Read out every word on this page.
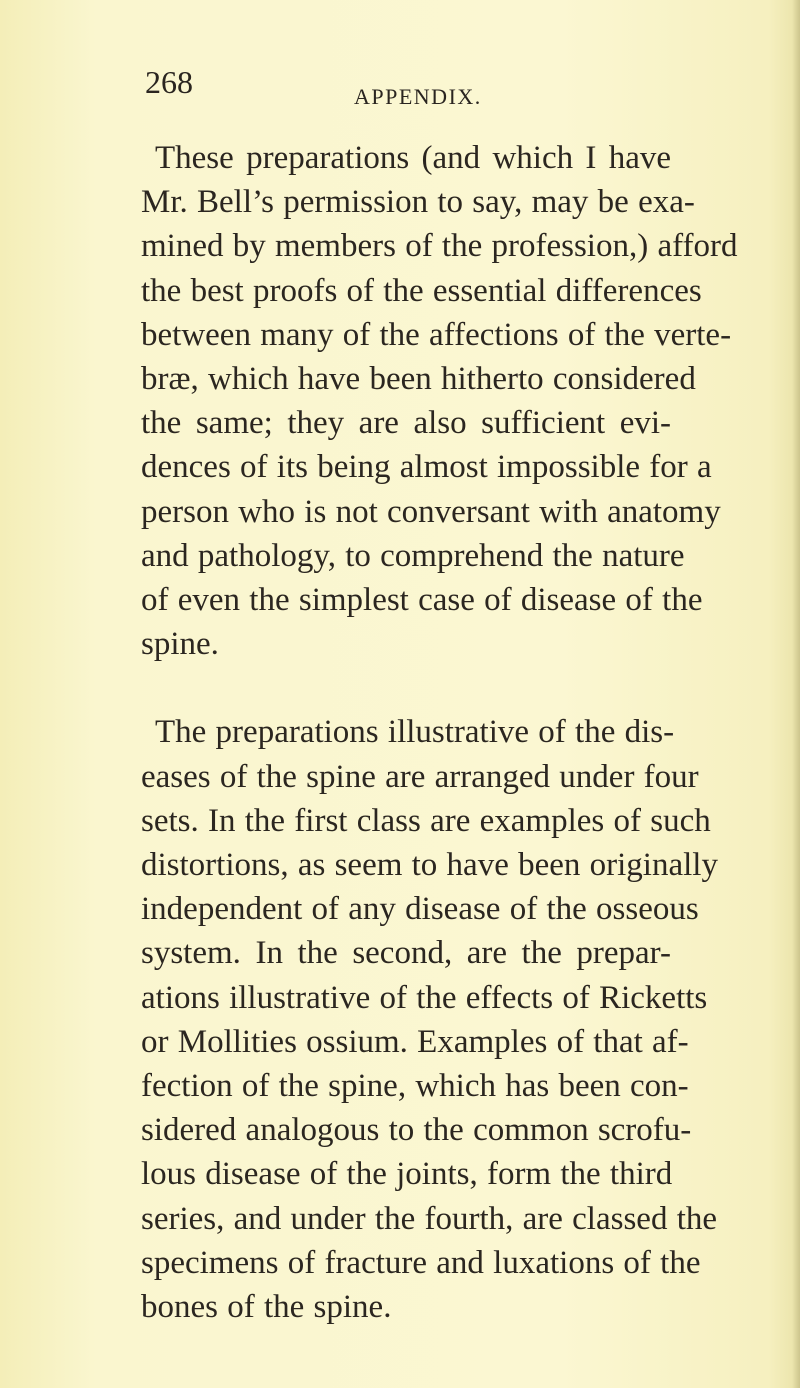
268	APPENDIX.

These preparations (and which I have
Mr. Bell’s permission to say, may be exa-
mined by members of the profession,) afford
the best proofs of the essential differences
between many of the affections of the verte-
bræ, which have been hitherto considered
the same; they are also sufficient evi-
dences of its being almost impossible for a
person who is not conversant with anatomy
and pathology, to comprehend the nature
of even the simplest case of disease of the
spine.

The preparations illustrative of the dis-
eases of the spine are arranged under four
sets. In the first class are examples of such
distortions, as seem to have been originally
independent of any disease of the osseous
system. In the second, are the prepar-
ations illustrative of the effects of Ricketts
or Mollities ossium. Examples of that af-
fection of the spine, which has been con-
sidered analogous to the common scrofu-
lous disease of the joints, form the third
series, and under the fourth, are classed the
specimens of fracture and luxations of the
bones of the spine.
